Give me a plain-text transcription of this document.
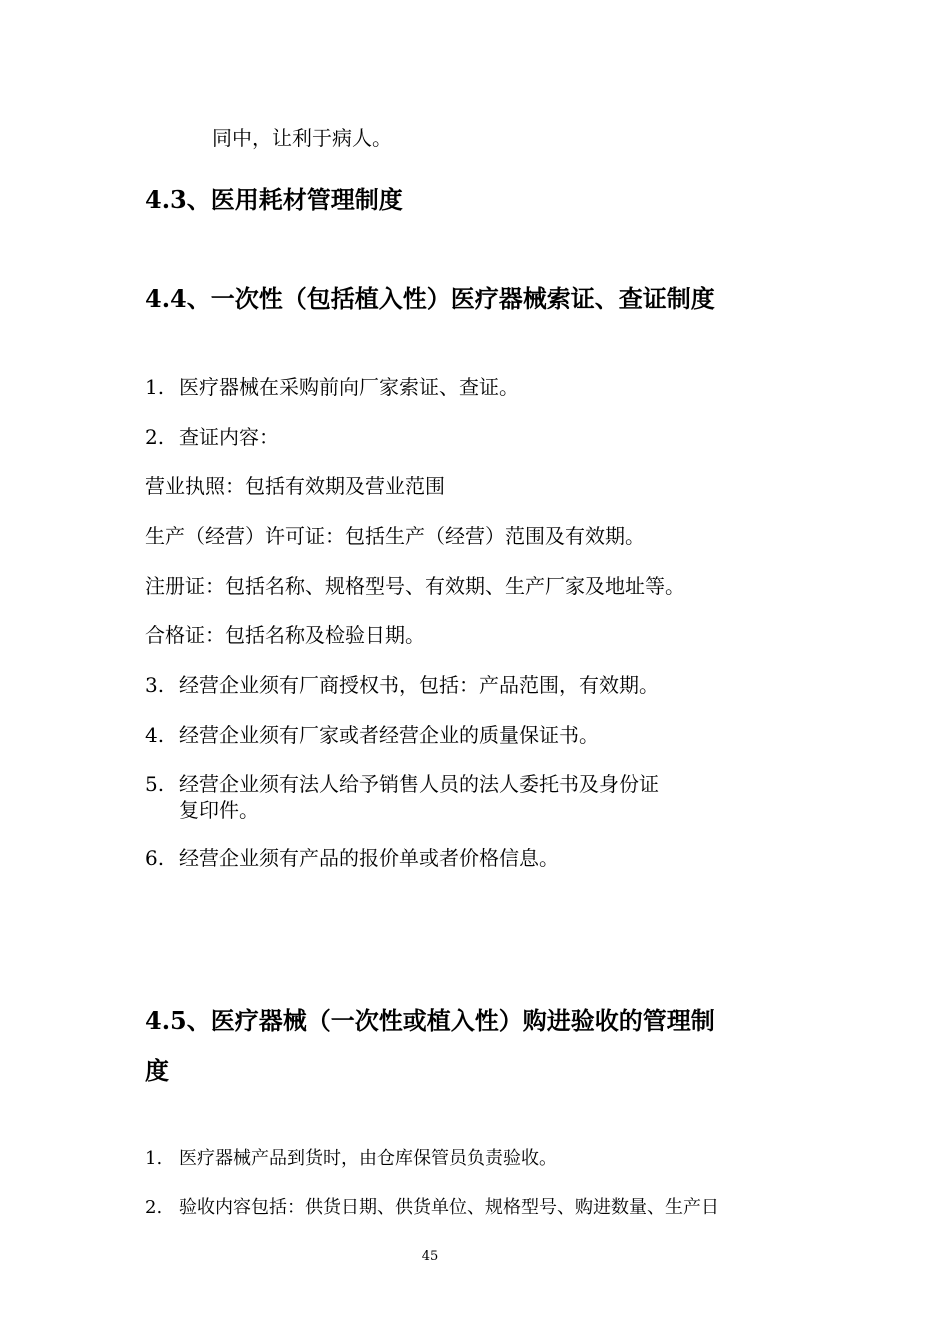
同中，让利于病人。

4.3、医用耗材管理制度
4.4、一次性（包括植入性）医疗器械索证、查证制度

1. 医疗器械在采购前向厂家索证、查证。

2. 查证内容：

营业执照：包括有效期及营业范围

生产（经营）许可证：包括生产（经营）范围及有效期。

注册证：包括名称、规格型号、有效期、生产厂家及地址等。

合格证：包括名称及检验日期。

3. 经营企业须有厂商授权书，包括：产品范围，有效期。

4. 经营企业须有厂家或者经营企业的质量保证书。

5. 经营企业须有法人给予销售人员的法人委托书及身份证

复印件。

6. 经营企业须有产品的报价单或者价格信息。

4.5、医疗器械（一次性或植入性）购进验收的管理制
度

1. 医疗器械产品到货时，由仓库保管员负责验收。

2. 验收内容包括：供货日期、供货单位、规格型号、购进数量、生产日

45
